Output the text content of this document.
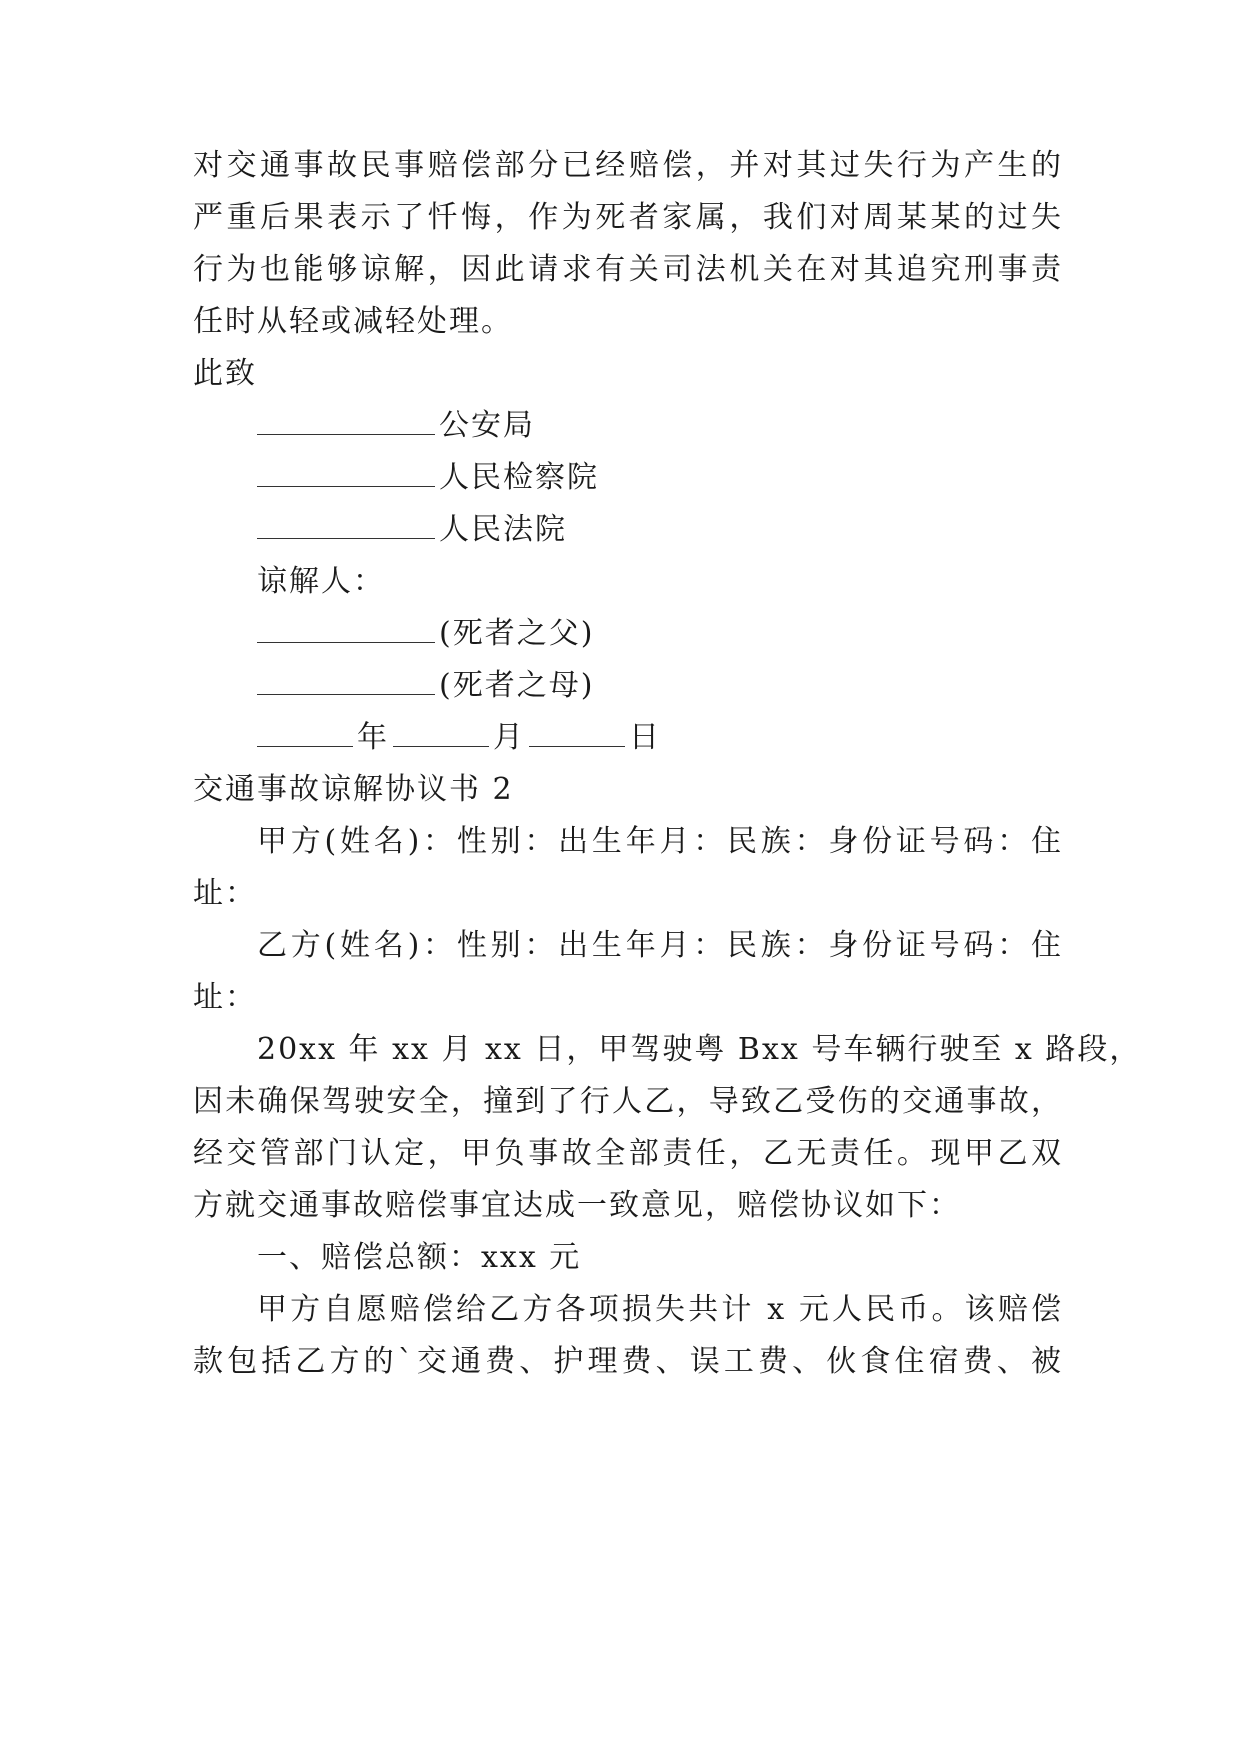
对交通事故民事赔偿部分已经赔偿，并对其过失行为产生的
严重后果表示了忏悔，作为死者家属，我们对周某某的过失
行为也能够谅解，因此请求有关司法机关在对其追究刑事责
任时从轻或减轻处理。
此致
公安局
人民检察院
人民法院
谅解人：
(死者之父)
(死者之母)
年	月	日
交通事故谅解协议书 2
甲方(姓名)：性别：出生年月：民族：身份证号码：住
址：
乙方(姓名)：性别：出生年月：民族：身份证号码：住
址：
20xx 年 xx 月 xx 日，甲驾驶粤 Bxx 号车辆行驶至 x 路段，
因未确保驾驶安全，撞到了行人乙，导致乙受伤的交通事故，
经交管部门认定，甲负事故全部责任，乙无责任。现甲乙双
方就交通事故赔偿事宜达成一致意见，赔偿协议如下：
一、赔偿总额：xxx 元
甲方自愿赔偿给乙方各项损失共计 x 元人民币。该赔偿
款包括乙方的`交通费、护理费、误工费、伙食住宿费、被
